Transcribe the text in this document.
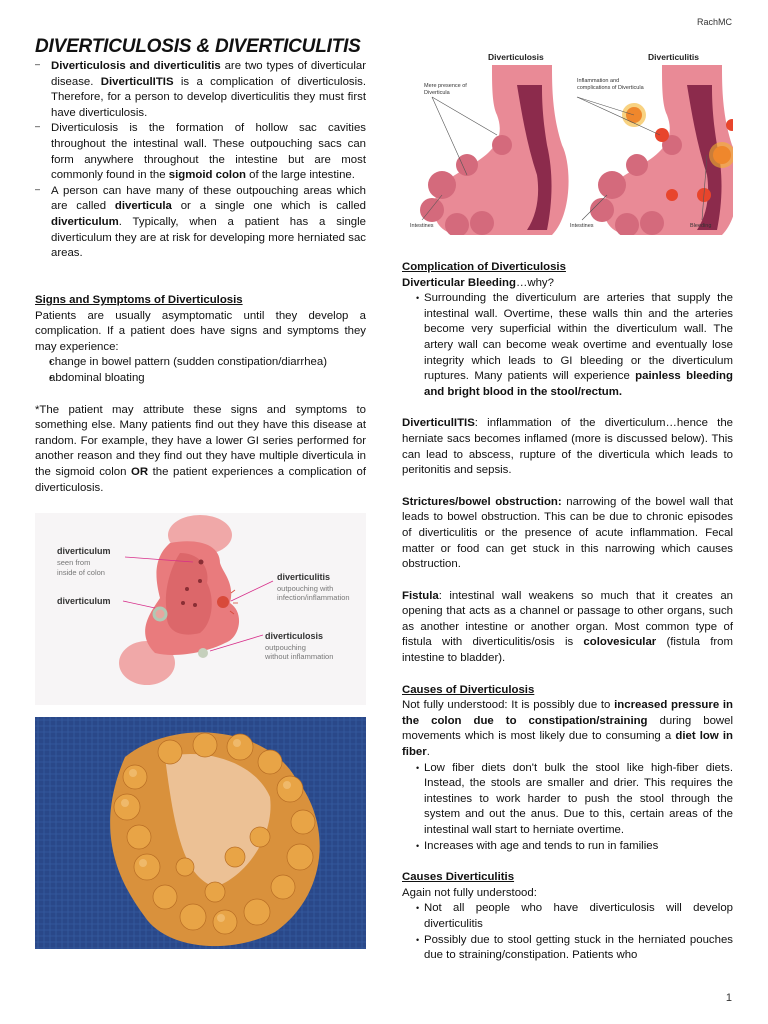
RachMC
DIVERTICULOSIS & DIVERTICULITIS
– Diverticulosis and diverticulitis are two types of diverticular disease. DiverticulITIS is a complication of diverticulosis. Therefore, for a person to develop diverticulitis they must first have diverticulosis.
– Diverticulosis is the formation of hollow sac cavities throughout the intestinal wall. These outpouching sacs can form anywhere throughout the intestine but are most commonly found in the sigmoid colon of the large intestine.
– A person can have many of these outpouching areas which are called diverticula or a single one which is called diverticulum. Typically, when a patient has a single diverticulum they are at risk for developing more herniated sac areas.

Signs and Symptoms of Diverticulosis

Patients are usually asymptomatic until they develop a complication. If a patient does have signs and symptoms they may experience:

• change in bowel pattern (sudden constipation/diarrhea)
• abdominal bloating

*The patient may attribute these signs and symptoms to something else. Many patients find out they have this disease at random. For example, they have a lower GI series performed for another reason and they find out they have multiple diverticula in the sigmoid colon OR the patient experiences a complication of diverticulosis.

diverticulum
seen from
inside of colon
diverticulum
diverticulitis
outpouching with
infection/inflammation
diverticulosis
outpouching
without inflammation
Diverticulosis	Diverticulitis
Mere presence of Diverticula
Inflammation and complications of Diverticula
Intestines	Intestines	Bleeding

Complication of Diverticulosis

Diverticular Bleeding…why?

• Surrounding the diverticulum are arteries that supply the intestinal wall. Overtime, these walls thin and the arteries become very superficial within the diverticulum wall. The artery wall can become weak overtime and eventually lose integrity which leads to GI bleeding or the diverticulum ruptures. Many patients will experience painless bleeding and bright blood in the stool/rectum.

DiverticulITIS: inflammation of the diverticulum…hence the herniate sacs becomes inflamed (more is discussed below). This can lead to abscess, rupture of the diverticula which leads to peritonitis and sepsis.

Strictures/bowel obstruction: narrowing of the bowel wall that leads to bowel obstruction. This can be due to chronic episodes of diverticulitis or the presence of acute inflammation. Fecal matter or food can get stuck in this narrowing which causes obstruction.

Fistula: intestinal wall weakens so much that it creates an opening that acts as a channel or passage to other organs, such as another intestine or another organ. Most common type of fistula with diverticulitis/osis is colovesicular (fistula from intestine to bladder).

Causes of Diverticulosis

Not fully understood: It is possibly due to increased pressure in the colon due to constipation/straining during bowel movements which is most likely due to consuming a diet low in fiber.

• Low fiber diets don't bulk the stool like high-fiber diets. Instead, the stools are smaller and drier. This requires the intestines to work harder to push the stool through the system and out the anus. Due to this, certain areas of the intestinal wall start to herniate overtime.
• Increases with age and tends to run in families

Causes Diverticulitis

Again not fully understood:

• Not all people who have diverticulosis will develop diverticulitis
• Possibly due to stool getting stuck in the herniated pouches due to straining/constipation. Patients who
1
